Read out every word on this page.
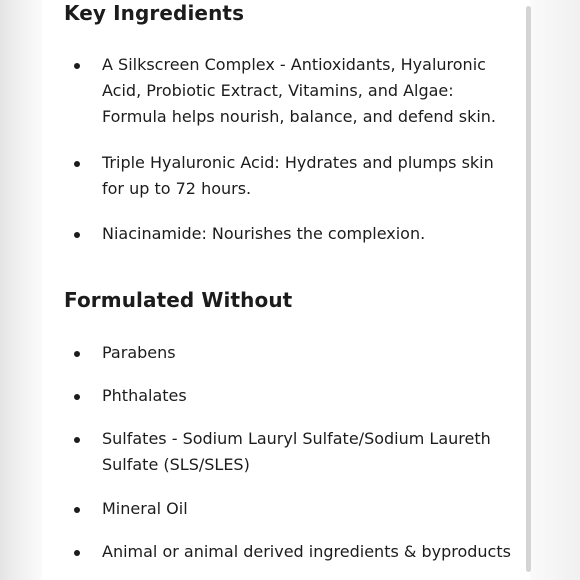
Key Ingredients
A Silkscreen Complex - Antioxidants, Hyaluronic
Acid, Probiotic Extract, Vitamins, and Algae:
Formula helps nourish, balance, and defend skin.
Triple Hyaluronic Acid: Hydrates and plumps skin
for up to 72 hours.
Niacinamide: Nourishes the complexion.
Formulated Without
Parabens
Phthalates
Sulfates - Sodium Lauryl Sulfate/Sodium Laureth
Sulfate (SLS/SLES)
Mineral Oil
Animal or animal derived ingredients & byproducts
